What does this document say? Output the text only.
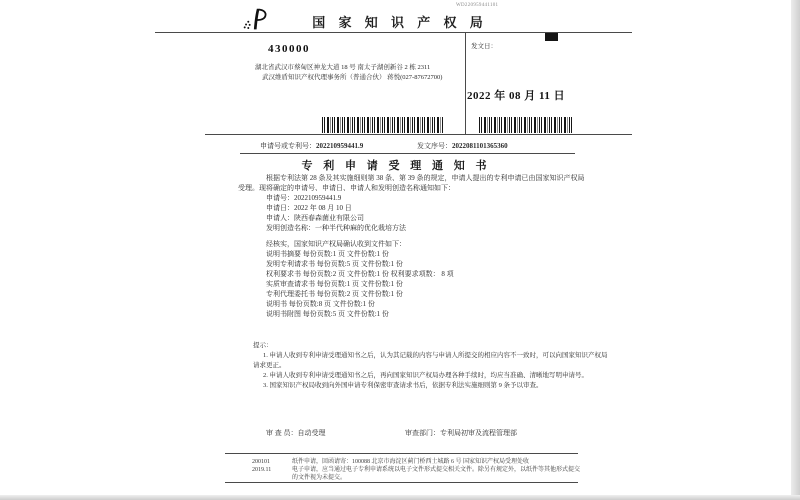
WD220959441101
国 家 知 识 产 权 局
430000
湖北省武汉市蔡甸区神龙大道 18 号 南太子湖创新谷 2 栋 2311
武汉维盾知识产权代理事务所（普通合伙） 蒋悦(027-87672700)
发文日：
2022 年 08 月 11 日
申请号或专利号：202210959441.9	发文序号：2022081101365360
专 利 申 请 受 理 通 知 书
根据专利法第 28 条及其实施细则第 38 条、第 39 条的规定，申请人提出的专利申请已由国家知识产权局
受理。现将确定的申请号、申请日、申请人和发明创造名称通知如下：
申请号：202210959441.9
申请日：2022 年 08 月 10 日
申请人：陕西春森菌业有限公司
发明创造名称：一种半代种麻的优化栽培方法
经核实，国家知识产权局确认收到文件如下：
说明书摘要 每份页数:1 页 文件份数:1 份
发明专利请求书 每份页数:5 页 文件份数:1 份
权利要求书 每份页数:2 页 文件份数:1 份 权利要求项数： 8 项
实质审查请求书 每份页数:1 页 文件份数:1 份
专利代理委托书 每份页数:2 页 文件份数:1 份
说明书 每份页数:8 页 文件份数:1 份
说明书附图 每份页数:5 页 文件份数:1 份
提示：
1. 申请人收到专利申请受理通知书之后，认为其记载的内容与申请人所提交的相应内容不一致时，可以向国家知识产权局
请求更正。
2. 申请人收到专利申请受理通知书之后，再向国家知识产权局办理各种手续时，均应当准确、清晰地写明申请号。
3. 国家知识产权局收到向外国申请专利保密审查请求书后，依据专利法实施细则第 9 条予以审查。
审 查 员：自动受理	审查部门：专利局初审及流程管理部
200101	纸件申请，回函请寄：100088 北京市海淀区蓟门桥西土城路 6 号 国家知识产权局受理处收
2019.11	电子申请，应当通过电子专利申请系统以电子文件形式提交相关文件。除另有规定外，以纸件等其他形式提交的文件视为未提交。
